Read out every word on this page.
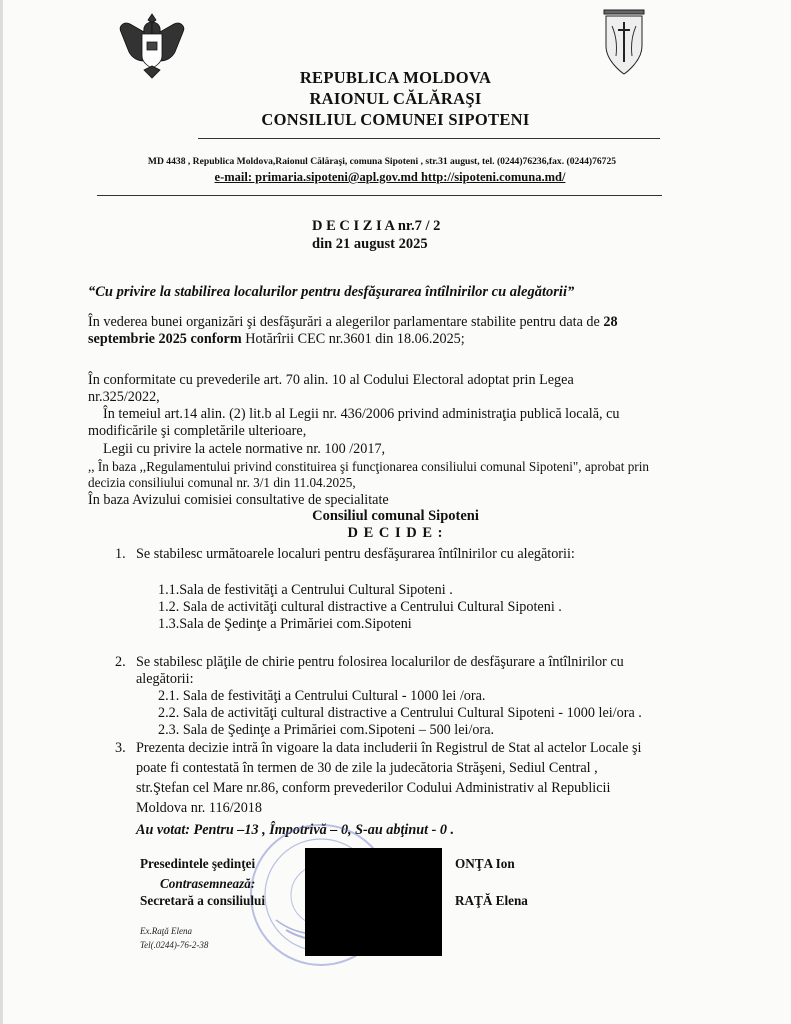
REPUBLICA MOLDOVA
RAIONUL CĂLĂRAŞI
CONSILIUL COMUNEI SIPOTENI
MD 4438 , Republica Moldova,Raionul Călăraşi, comuna Sipoteni , str.31 august, tel. (0244)76236,fax. (0244)76725
e-mail: primaria.sipoteni@apl.gov.md http://sipoteni.comuna.md/
D E C I Z I A nr.7 / 2
din 21 august 2025
“Cu privire la stabilirea localurilor pentru desfăşurarea întîlnirilor cu alegătorii”
În vederea bunei organizări şi desfăşurări a alegerilor parlamentare stabilite pentru data de 28
septembrie 2025 conform Hotărîrii CEC nr.3601 din 18.06.2025;
În conformitate cu prevederile art. 70 alin. 10 al Codului Electoral adoptat prin Legea
nr.325/2022,
În temeiul art.14 alin. (2) lit.b al Legii nr. 436/2006 privind administraţia publică locală, cu
modificările şi completările ulterioare,
Legii cu privire la actele normative nr. 100 /2017,
,, În baza ,,Regulamentului privind constituirea şi funcţionarea consiliului comunal Sipoteni", aprobat prin
decizia consiliului comunal nr. 3/1 din 11.04.2025,
În baza Avizului comisiei consultative de specialitate
Consiliul comunal Sipoteni
D E C I D E :
1. Se stabilesc următoarele localuri pentru desfăşurarea întîlnirilor cu alegătorii:
1.1.Sala de festivităţi a Centrului Cultural Sipoteni .
1.2. Sala de activităţi cultural distractive a Centrului Cultural Sipoteni .
1.3.Sala de Şedinţe a Primăriei com.Sipoteni
2. Se stabilesc plăţile de chirie pentru folosirea localurilor de desfăşurare a întîlnirilor cu
alegătorii:
2.1. Sala de festivităţi a Centrului Cultural - 1000 lei /ora.
2.2. Sala de activităţi cultural distractive a Centrului Cultural Sipoteni - 1000 lei/ora .
2.3. Sala de Şedinţe a Primăriei com.Sipoteni – 500 lei/ora.
3. Prezenta decizie intră în vigoare la data includerii în Registrul de Stat al actelor Locale şi
poate fi contestată în termen de 30 de zile la judecătoria Străşeni, Sediul Central ,
str.Ştefan cel Mare nr.86, conform prevederilor Codului Administrativ al Republicii
Moldova nr. 116/2018
Au votat: Pentru –13 , Împotrivă – 0, S-au abţinut - 0 .
Presedintele şedinţei	ONŢA Ion
Contrasemnează:
Secretară a consiliului	RAŢĂ Elena
Ex.Raţă Elena
Tel(.0244)-76-2-38
